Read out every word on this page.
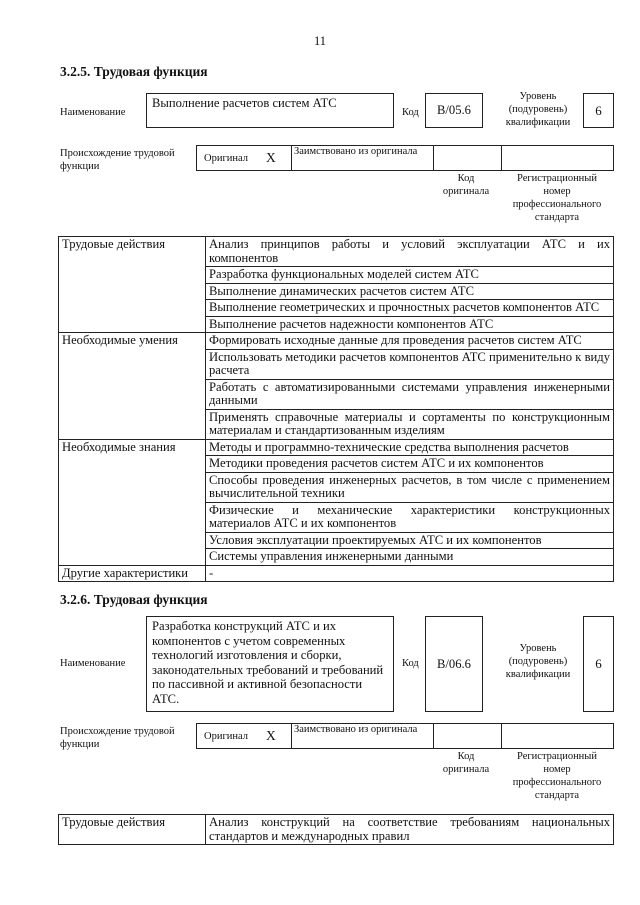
11
3.2.5. Трудовая функция
Наименование
Выполнение расчетов систем АТС
Код B/05.6
Уровень (подуровень) квалификации
6
Происхождение трудовой функции
Оригинал X Заимствовано из оригинала
Код оригинала
Регистрационный номер профессионального стандарта
Трудовые действия	Анализ принципов работы и условий эксплуатации АТС и их компонентов
	Разработка функциональных моделей систем АТС
	Выполнение динамических расчетов систем АТС
	Выполнение геометрических и прочностных расчетов компонентов АТС
	Выполнение расчетов надежности компонентов АТС
Необходимые умения	Формировать исходные данные для проведения расчетов систем АТС
	Использовать методики расчетов компонентов АТС применительно к виду расчета
	Работать с автоматизированными системами управления инженерными данными
	Применять справочные материалы и сортаменты по конструкционным материалам и стандартизованным изделиям
Необходимые знания	Методы и программно-технические средства выполнения расчетов
	Методики проведения расчетов систем АТС и их компонентов
	Способы проведения инженерных расчетов, в том числе с применением вычислительной техники
	Физические и механические характеристики конструкционных материалов АТС и их компонентов
	Условия эксплуатации проектируемых АТС и их компонентов
	Системы управления инженерными данными
Другие характеристики	-
3.2.6. Трудовая функция
Наименование
Разработка конструкций АТС и их компонентов с учетом современных технологий изготовления и сборки, законодательных требований и требований по пассивной и активной безопасности АТС.
Код B/06.6
Уровень (подуровень) квалификации
6
Происхождение трудовой функции
Оригинал X Заимствовано из оригинала
Код оригинала
Регистрационный номер профессионального стандарта
Трудовые действия	Анализ конструкций на соответствие требованиям национальных стандартов и международных правил
